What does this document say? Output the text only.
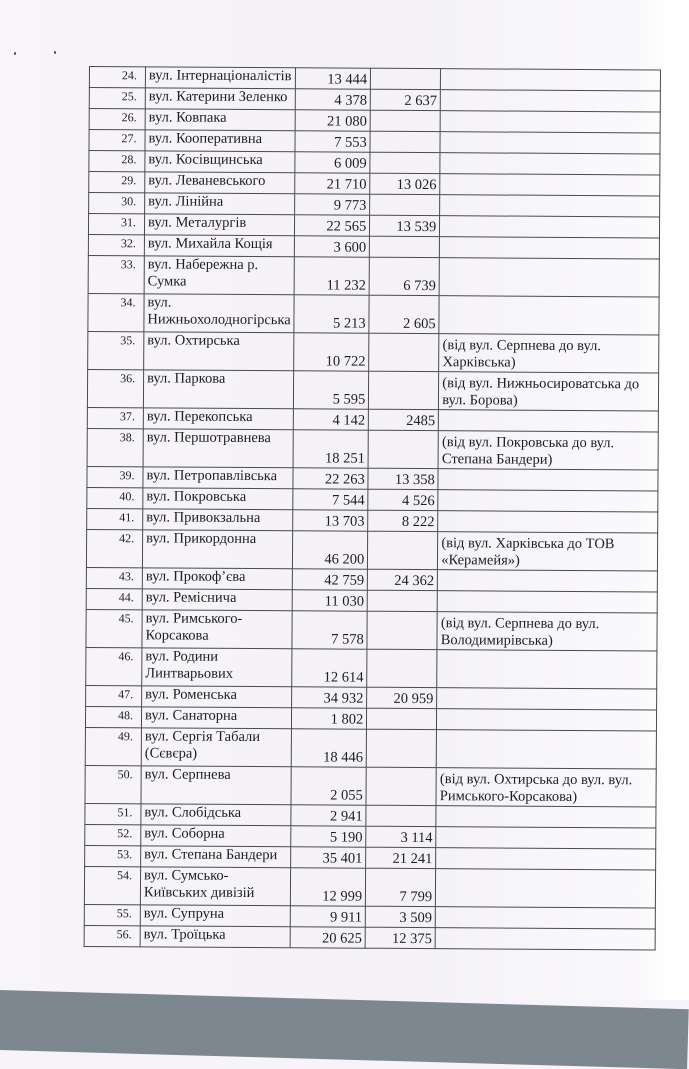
24.	вул. Інтернаціоналістів	13 444		
25.	вул. Катерини Зеленко	4 378	2 637	
26.	вул. Ковпака	21 080		
27.	вул. Кооперативна	7 553		
28.	вул. Косівщинська	6 009		
29.	вул. Леваневського	21 710	13 026	
30.	вул. Лінійна	9 773		
31.	вул. Металургів	22 565	13 539	
32.	вул. Михайла Кощія	3 600		
33.	вул. Набережна р. Сумка	11 232	6 739	
34.	вул. Нижньохолодногірська	5 213	2 605	
35.	вул. Охтирська	10 722		(від вул. Серпнева до вул. Харківська)
36.	вул. Паркова	5 595		(від вул. Нижньосироватська до вул. Борова)
37.	вул. Перекопська	4 142	2485	
38.	вул. Першотравнева	18 251		(від вул. Покровська до вул. Степана Бандери)
39.	вул. Петропавлівська	22 263	13 358	
40.	вул. Покровська	7 544	4 526	
41.	вул. Привокзальна	13 703	8 222	
42.	вул. Прикордонна	46 200		(від вул. Харківська до ТОВ «Керамейя»)
43.	вул. Прокоф’єва	42 759	24 362	
44.	вул. Ремісничa	11 030		
45.	вул. Римського-Корсакова	7 578		(від вул. Серпнева до вул. Володимирівська)
46.	вул. Родини Линтварьових	12 614		
47.	вул. Роменська	34 932	20 959	
48.	вул. Санаторна	1 802		
49.	вул. Сергія Табали (Сєвєра)	18 446		
50.	вул. Серпнева	2 055		(від вул. Охтирська до вул. вул. Римського-Корсакова)
51.	вул. Слобідська	2 941		
52.	вул. Соборна	5 190	3 114	
53.	вул. Степана Бандери	35 401	21 241	
54.	вул. Сумсько-Київських дивізій	12 999	7 799	
55.	вул. Супруна	9 911	3 509	
56.	вул. Троїцька	20 625	12 375	
